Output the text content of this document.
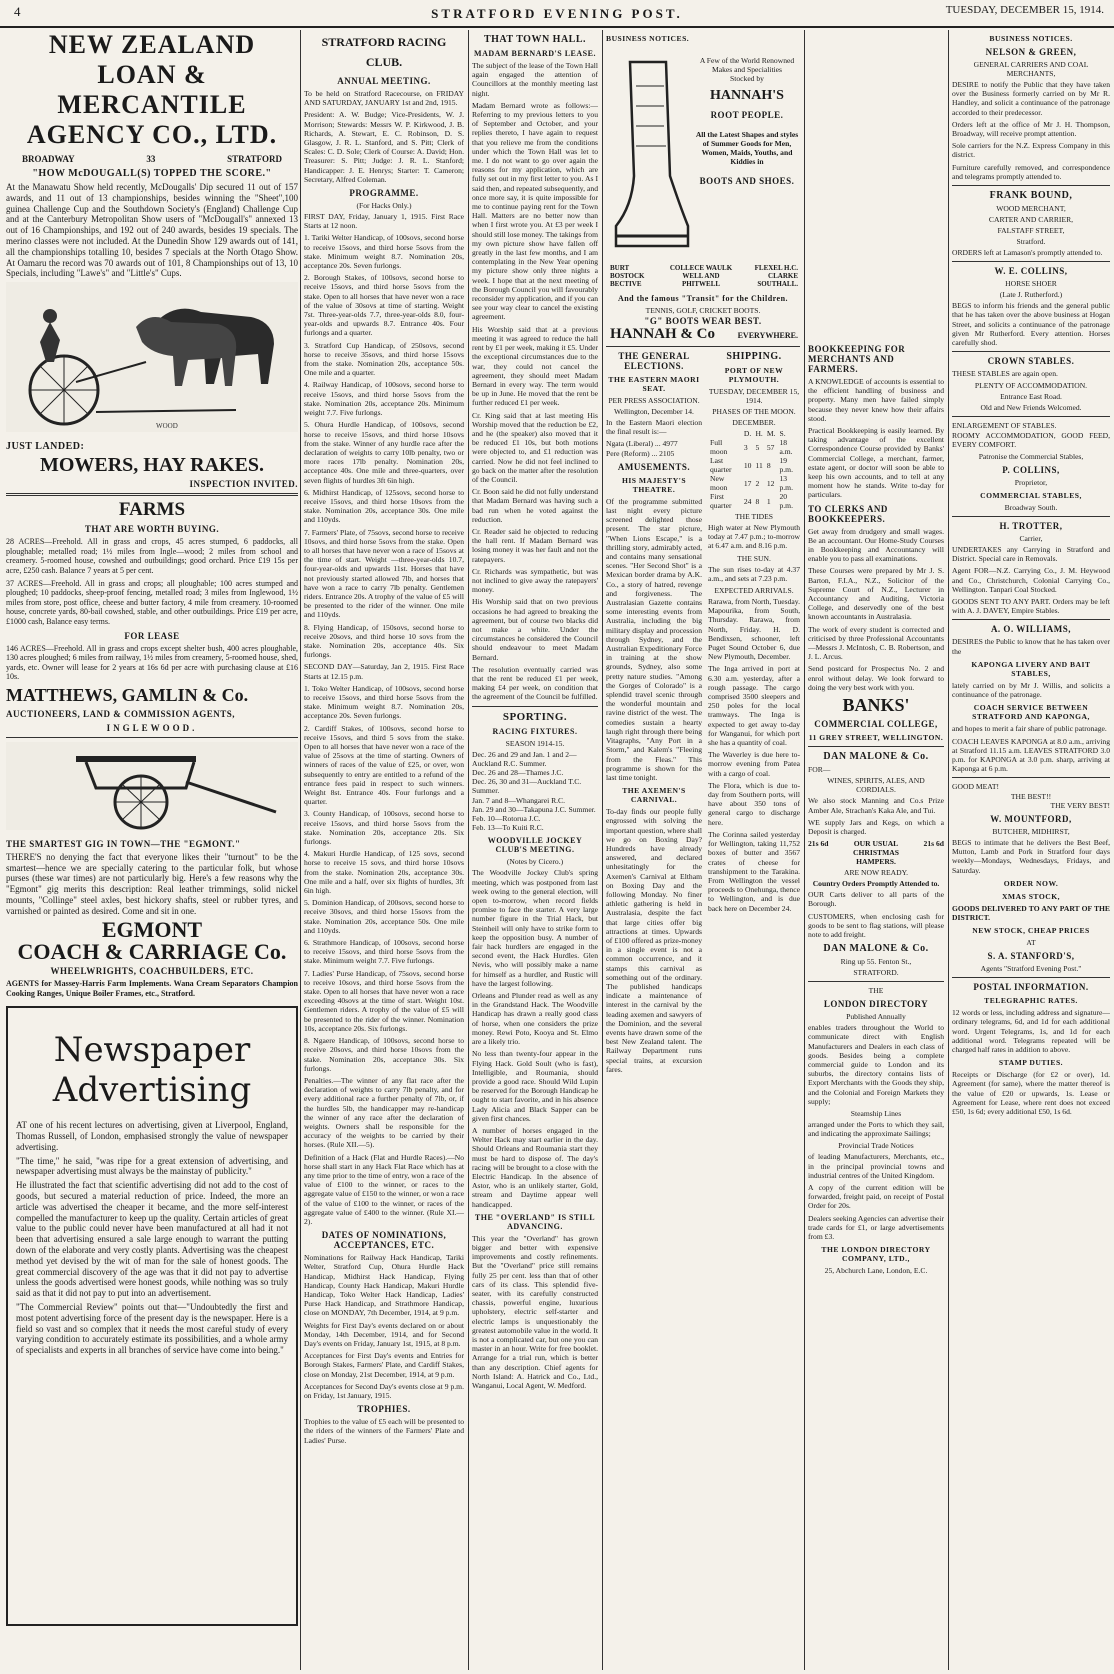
4	STRATFORD EVENING POST.	TUESDAY, DECEMBER 15, 1914.
NEW ZEALAND
LOAN & MERCANTILE
AGENCY CO., LTD.
BROADWAY	33	STRATFORD
"HOW McDOUGALL(S) TOPPED THE SCORE."

At the Manawatu Show held recently, McDougalls' Dip secured 11 out of 157 awards, and 11 out of 13 championships, besides winning the "Sheet",100 guinea Challenge Cup and the Southdown Society's (England) Challenge Cup and at the Canterbury Metropolitan Show users of "McDougall's" annexed 13 out of 16 Championships, and 192 out of 240 awards, besides 19 specials. The merino classes were not included. At the Dunedin Show 129 awards out of 141, all the championships totalling 10, besides 7 specials at the North Otago Show. At Oamaru the record was 70 awards out of 101, 8 Championships out of 13, 10 Specials, including "Lawe's" and "Little's" Cups.

WOOD
JUST LANDED:
MOWERS, HAY RAKES.
INSPECTION INVITED.
FARMS
THAT ARE WORTH BUYING.

28 ACRES—Freehold. All in grass and crops, 45 acres stumped, 6 paddocks, all ploughable; metalled road; 1½ miles from Ingle—wood; 2 miles from school and creamery. 5-roomed house, cowshed and outbuildings; good orchard. Price £19 15s per acre, £250 cash. Balance 7 years at 5 per cent.

37 ACRES—Freehold. All in grass and crops; all ploughable; 100 acres stumped and ploughed; 10 paddocks, sheep-proof fencing, metalled road; 3 miles from Inglewood, 1½ miles from store, post office, cheese and butter factory, 4 mile from creamery. 10-roomed house, concrete yards, 80-bail cowshed, stable, and other outbuildings. Price £19 per acre, £1000 cash, Balance easy terms.

FOR LEASE

146 ACRES—Freehold. All in grass and crops except shelter bush, 400 acres ploughable, 130 acres ploughed; 6 miles from railway, 1½ miles from creamery, 5-roomed house, shed, yards, etc. Owner will lease for 2 years at 16s 6d per acre with purchasing clause at £16 10s.

MATTHEWS, GAMLIN & Co.
AUCTIONEERS, LAND & COMMISSION AGENTS,
INGLEWOOD.
THE SMARTEST GIG IN TOWN—THE "EGMONT."

THERE'S no denying the fact that everyone likes their "turnout" to be the smartest—hence we are specially catering to the particular folk, but whose purses (these war times) are not particularly big. Here's a few reasons why the "Egmont" gig merits this description: Real leather trimmings, solid nickel mounts, "Collinge" steel axles, best hickory shafts, steel or rubber tyres, and varnished or painted as desired. Come and sit in one.

EGMONT
COACH & CARRIAGE Co.
WHEELWRIGHTS, COACHBUILDERS, ETC.

AGENTS for Massey-Harris Farm Implements. Wana Cream Separators Champion Cooking Ranges, Unique Boiler Frames, etc., Stratford.

Newspaper
Advertising

AT one of his recent lectures on advertising, given at Liverpool, England, Thomas Russell, of London, emphasised strongly the value of newspaper advertising.

"The time," he said, "was ripe for a great extension of advertising, and newspaper advertising must always be the mainstay of publicity."

He illustrated the fact that scientific advertising did not add to the cost of goods, but secured a material reduction of price. Indeed, the more an article was advertised the cheaper it became, and the more self-interest compelled the manufacturer to keep up the quality. Certain articles of great value to the public could never have been manufactured at all had it not been that advertising ensured a sale large enough to warrant the putting down of the elaborate and very costly plants. Advertising was the cheapest method yet devised by the wit of man for the sale of honest goods. The great commercial discovery of the age was that it did not pay to advertise unless the goods advertised were honest goods, while nothing was so truly said as that it did not pay to put into an advertisement.

"The Commercial Review" points out that—"Undoubtedly the first and most potent advertising force of the present day is the newspaper. Here is a field so vast and so complex that it needs the most careful study of every varying condition to accurately estimate its possibilities, and a whole army of specialists and experts in all branches of service have come into being."

STRATFORD RACING CLUB.
ANNUAL MEETING.

To be held on Stratford Racecourse, on FRIDAY AND SATURDAY, JANUARY 1st and 2nd, 1915.

President: A. W. Budge; Vice-Presidents, W. J. Morrison; Stewards: Messrs W. P. Kirkwood, J. B. Richards, A. Stewart, E. C. Robinson, D. S. Glasgow, J. R. L. Stanford, and S. Pitt; Clerk of Scales: C. D. Sole; Clerk of Course: A. David; Hon. Treasurer: S. Pitt; Judge: J. R. L. Stanford; Handicapper: J. E. Henrys; Starter: T. Cameron; Secretary, Alfred Coleman.

PROGRAMME.
(For Hacks Only.)

FIRST DAY, Friday, January 1, 1915. First Race Starts at 12 noon.

1. Tariki Welter Handicap, of 100sovs, second horse to receive 15sovs, and third horse 5sovs from the stake. Minimum weight 8.7. Nomination 20s, acceptance 20s. Seven furlongs.

2. Borough Stakes, of 100sovs, second horse to receive 15sovs, and third horse 5sovs from the stake. Open to all horses that have never won a race of the value of 30sovs at time of starting. Weight 7st. Three-year-olds 7.7, three-year-olds 8.0, four-year-olds and upwards 8.7. Entrance 40s. Four furlongs and a quarter.

3. Stratford Cup Handicap, of 250sovs, second horse to receive 35sovs, and third horse 15sovs from the stake. Nomination 20s, acceptance 50s. One mile and a quarter.

4. Railway Handicap, of 100sovs, second horse to receive 15sovs, and third horse 5sovs from the stake. Nomination 20s, acceptance 20s. Minimum weight 7.7. Five furlongs.

5. Ohura Hurdle Handicap, of 100sovs, second horse to receive 15sovs, and third horse 10sovs from the stake. Winner of any hurdle race after the declaration of weights to carry 10lb penalty, two or more races 17lb penalty. Nomination 20s, acceptance 40s. One mile and three-quarters, over seven flights of hurdles 3ft 6in high.

6. Midhirst Handicap, of 125sovs, second horse to receive 15sovs, and third horse 10sovs from the stake. Nomination 20s, acceptance 30s. One mile and 110yds.

7. Farmers' Plate, of 75sovs, second horse to receive 10sovs, and third horse 5sovs from the stake. Open to all horses that have never won a race of 15sovs at the time of start. Weight —three-year-olds 10.7, four-year-olds and upwards 11st. Horses that have not previously started allowed 7lb, and horses that have won a race to carry 7lb penalty. Gentlemen riders. Entrance 20s. A trophy of the value of £5 will be presented to the rider of the winner. One mile and 110yds.

8. Flying Handicap, of 150sovs, second horse to receive 20sovs, and third horse 10 sovs from the stake. Nomination 20s, acceptance 40s. Six furlongs.

SECOND DAY—Saturday, Jan 2, 1915. First Race Starts at 12.15 p.m.

1. Toko Welter Handicap, of 100sovs, second horse to receive 15sovs, and third horse 5sovs from the stake. Minimum weight 8.7. Nomination 20s, acceptance 20s. Seven furlongs.

2. Cardiff Stakes, of 100sovs, second horse to receive 15sovs, and third 5 sovs from the stake. Open to all horses that have never won a race of the value of 25sovs at the time of starting. Owners of winners of races of the value of £25, or over, won subsequently to entry are entitled to a refund of the entrance fees paid in respect to such winners. Weight 8st. Entrance 40s. Four furlongs and a quarter.

3. County Handicap, of 100sovs, second horse to receive 15sovs, and third horse 5sovs from the stake. Nomination 20s, acceptance 20s. Six furlongs.

4. Makuri Hurdle Handicap, of 125 sovs, second horse to receive 15 sovs, and third horse 10sovs from the stake. Nomination 20s, acceptance 30s. One mile and a half, over six flights of hurdles, 3ft 6in high.

5. Dominion Handicap, of 200sovs, second horse to receive 30sovs, and third horse 15sovs from the stake. Nomination 20s, acceptance 50s. One mile and 110yds.

6. Strathmore Handicap, of 100sovs, second horse to receive 15sovs, and third horse 5sovs from the stake. Minimum weight 7.7. Five furlongs.

7. Ladies' Purse Handicap, of 75sovs, second horse to receive 10sovs, and third horse 5sovs from the stake. Open to all horses that have never won a race exceeding 40sovs at the time of start. Weight 10st. Gentlemen riders. A trophy of the value of £5 will be presented to the rider of the winner. Nomination 10s, acceptance 20s. Six furlongs.

8. Ngaere Handicap, of 100sovs, second horse to receive 20sovs, and third horse 10sovs from the stake. Nomination 20s, acceptance 30s. Six furlongs.

Penalties.—The winner of any flat race after the declaration of weights to carry 7lb penalty, and for every additional race a further penalty of 7lb, or, if the hurdles 5lb, the handicapper may re-handicap the winner of any race after the declaration of weights. Owners shall be responsible for the accuracy of the weights to be carried by their horses. (Rule XII.—5).

Definition of a Hack (Flat and Hurdle Races).—No horse shall start in any Hack Flat Race which has at any time prior to the time of entry, won a race of the value of £100 to the winner, or races to the aggregate value of £150 to the winner, or won a race of the value of £100 to the winner, or races of the aggregate value of £400 to the winner. (Rule XI.—2).

DATES OF NOMINATIONS, ACCEPTANCES, ETC.

Nominations for Railway Hack Handicap, Tariki Welter, Stratford Cup, Ohura Hurdle Hack Handicap, Midhirst Hack Handicap, Flying Handicap, County Hack Handicap, Makuri Hurdle Handicap, Toko Welter Hack Handicap, Ladies' Purse Hack Handicap, and Strathmore Handicap, close on MONDAY, 7th December, 1914, at 9 p.m.

Weights for First Day's events declared on or about Monday, 14th December, 1914, and for Second Day's events on Friday, January 1st, 1915, at 8 p.m.

Acceptances for First Day's events and Entries for Borough Stakes, Farmers' Plate, and Cardiff Stakes, close on Monday, 21st December, 1914, at 9 p.m.

Acceptances for Second Day's events close at 9 p.m. on Friday, 1st January, 1915.

TROPHIES.

Trophies to the value of £5 each will be presented to the riders of the winners of the Farmers' Plate and Ladies' Purse.

THAT TOWN HALL.
MADAM BERNARD'S LEASE.

The subject of the lease of the Town Hall again engaged the attention of Councillors at the monthly meeting last night.

Madam Bernard wrote as follows:—Referring to my previous letters to you of September and October, and your replies thereto, I have again to request that you relieve me from the conditions under which the Town Hall was let to me. I do not want to go over again the reasons for my application, which are fully set out in my first letter to you. As I said then, and repeated subsequently, and once more say, it is quite impossible for me to continue paying rent for the Town Hall. Matters are no better now than when I first wrote you. At £3 per week I should still lose money. The takings from my own picture show have fallen off greatly in the last few months, and I am contemplating in the New Year opening my picture show only three nights a week. I hope that at the next meeting of the Borough Council you will favourably reconsider my application, and if you can see your way clear to cancel the existing agreement.

His Worship said that at a previous meeting it was agreed to reduce the hall rent by £1 per week, making it £5. Under the exceptional circumstances due to the war, they could not cancel the agreement, they should meet Madam Bernard in every way. The term would be up in June. He moved that the rent be further reduced £1 per week.

Cr. King said that at last meeting His Worship moved that the reduction be £2, and he (the speaker) also moved that it be reduced £1 10s, but both motions were objected to, and £1 reduction was carried. Now he did not feel inclined to go back on the matter after the resolution of the Council.

Cr. Boon said he did not fully understand that Madam Bernard was having such a bad run when he voted against the reduction.

Cr. Reader said he objected to reducing the hall rent. If Madam Bernard was losing money it was her fault and not the ratepayers.

Cr. Richards was sympathetic, but was not inclined to give away the ratepayers' money.

His Worship said that on two previous occasions he had agreed to breaking the agreement, but of course two blacks did not make a white. Under the circumstances he considered the Council should endeavour to meet Madam Bernard.

The resolution eventually carried was that the rent be reduced £1 per week, making £4 per week, on condition that the agreement of the Council be fulfilled.

SPORTING.
RACING FIXTURES.
SEASON 1914-15.
Dec. 26 and 29 and Jan. 1 and 2—Auckland R.C. Summer.
Dec. 26 and 28—Thames J.C.
Dec. 26, 30 and 31—Auckland T.C. Summer.
Jan. 7 and 8—Whangarei R.C.
Jan. 29 and 30—Takapuna J.C. Summer.
Feb. 10—Rotorua J.C.
Feb. 13—To Kuiti R.C.
WOODVILLE JOCKEY CLUB'S MEETING.
(Notes by Cicero.)

The Woodville Jockey Club's spring meeting, which was postponed from last week owing to the general election, will open to-morrow, when record fields promise to face the starter. A very large number figure in the Trial Hack, but Steinheil will only have to strike form to keep the opposition busy. A number of fair hack hurdlers are engaged in the second event, the Hack Hurdles. Glen Nevis, who will possibly make a name for himself as a hurdler, and Rustic will have the largest following.

Orleans and Plunder read as well as any in the Grandstand Hack. The Woodville Handicap has drawn a really good class of horse, when one considers the prize money. Rewi Poto, Kooya and St. Elmo are a likely trio.

No less than twenty-four appear in the Flying Hack. Gold Soult (who is fast), Intelligible, and Roumania, should provide a good race. Should Wild Lupin be reserved for the Borough Handicap he ought to start favorite, and in his absence Lady Alicia and Black Sapper can be given first chances.

A number of horses engaged in the Welter Hack may start earlier in the day. Should Orleans and Roumania start they must be hard to dispose of. The day's racing will be brought to a close with the Electric Handicap. In the absence of Astor, who is an unlikely starter, Gold, stream and Daytime appear well handicapped.

THE "OVERLAND" IS STILL ADVANCING.

This year the "Overland" has grown bigger and better with expensive improvements and costly refinements. But the "Overland" price still remains fully 25 per cent. less than that of other cars of its class. This splendid five-seater, with its carefully constructed chassis, powerful engine, luxurious upholstery, electric self-starter and electric lamps is unquestionably the greatest automobile value in the world. It is not a complicated car, but one you can master in an hour. Write for free booklet. Arrange for a trial run, which is better than any description. Chief agents for North Island: A. Hatrick and Co., Ltd., Wanganui, Local Agent, W. Medford.

BUSINESS NOTICES.
A Few of the World Renowned
Makes and Specialities
Stocked by
HANNAH'S
ROOT PEOPLE.
All the Latest Shapes and styles of Summer Goods for Men, Women, Maids, Youths, and Kiddies in
BOOTS AND SHOES.
BURT BOSTOCK BECTIVE
COLLECE WAULK WELL AND PHITWELL
FLEXEL H.C. CLARKE SOUTHALL.
And the famous "Transit" for the Children.
TENNIS, GOLF, CRICKET BOOTS.
"G" BOOTS WEAR BEST.
HANNAH & Co	EVERYWHERE.
THE GENERAL ELECTIONS.
THE EASTERN MAORI SEAT.
PER PRESS ASSOCIATION.
Wellington, December 14.

In the Eastern Maori election the final result is:—

Ngata (Liberal) ... 4977
Pere (Reform) ... 2105
AMUSEMENTS.
HIS MAJESTY'S THEATRE.

Of the programme submitted last night every picture screened delighted those present. The star picture, "When Lions Escape," is a thrilling story, admirably acted, and contains many sensational scenes. "Her Second Shot" is a Mexican border drama by A.K. Co., a story of hatred, revenge and forgiveness. The Australasian Gazette contains some interesting events from Australia, including the big military display and procession through Sydney, and the Australian Expeditionary Force in training at the show grounds, Sydney, also some pretty nature studies. "Among the Gorges of Colorado" is a splendid travel scenic through the wonderful mountain and ravine district of the west. The comedies sustain a hearty laugh right through there being Vitagraphs, "Any Port in a Storm," and Kalem's "Fleeing from the Fleas." This programme is shown for the last time tonight.

THE AXEMEN'S CARNIVAL.

To-day finds our people fully engrossed with solving the important question, where shall we go on Boxing Day? Hundreds have already answered, and declared unhesitatingly for the Axemen's Carnival at Eltham on Boxing Day and the following Monday. No finer athletic gathering is held in Australasia, despite the fact that large cities offer big attractions at times. Upwards of £100 offered as prize-money in a single event is not a common occurrence, and it stamps this carnival as something out of the ordinary. The published handicaps indicate a maintenance of interest in the carnival by the leading axemen and sawyers of the Dominion, and the several events have drawn some of the best New Zealand talent. The Railway Department runs special trains, at excursion fares.

SHIPPING.
PORT OF NEW PLYMOUTH.
TUESDAY, DECEMBER 15, 1914.
PHASES OF THE MOON.
DECEMBER.
	D.	H.	M.	S.
Full moon	3	5	57	18 a.m.
Last quarter	10	11	8	19 p.m.
New moon	17	2	12	13 p.m.
First quarter	24	8	1	20 p.m.
THE TIDES

High water at New Plymouth today at 7.47 p.m.; to-morrow at 6.47 a.m. and 8.16 p.m.

THE SUN.

The sun rises to-day at 4.37 a.m., and sets at 7.23 p.m.

EXPECTED ARRIVALS.

Rarawa, from North, Tuesday. Mapourika, from South, Thursday. Rarawa, from North, Friday. H. D. Bendixsen, schooner, left Puget Sound October 6, due New Plymouth, December.

The Inga arrived in port at 6.30 a.m. yesterday, after a rough passage. The cargo comprised 3500 sleepers and 250 poles for the local tramways. The Inga is expected to get away to-day for Wanganui, for which port she has a quantity of coal.

The Waverley is due here to-morrow evening from Patea with a cargo of coal.

The Flora, which is due to-day from Southern ports, will have about 350 tons of general cargo to discharge here.

The Corinna sailed yesterday for Wellington, taking 11,752 boxes of butter and 3567 crates of cheese for transhipment to the Tarakina. From Wellington the vessel proceeds to Onehunga, thence to Wellington, and is due back here on December 24.

BOOKKEEPING FOR MERCHANTS AND FARMERS.

A KNOWLEDGE of accounts is essential to the efficient handling of business and property. Many men have failed simply because they never knew how their affairs stood.

Practical Bookkeeping is easily learned. By taking advantage of the excellent Correspondence Course provided by Banks' Commercial College, a merchant, farmer, estate agent, or doctor will soon be able to keep his own accounts, and to tell at any moment how he stands. Write to-day for particulars.

TO CLERKS AND BOOKKEEPERS.

Get away from drudgery and small wages. Be an accountant. Our Home-Study Courses in Bookkeeping and Accountancy will enable you to pass all examinations.

These Courses were prepared by Mr J. S. Barton, F.I.A., N.Z., Solicitor of the Supreme Court of N.Z., Lecturer in Accountancy and Auditing, Victoria College, and deservedly one of the best known accountants in Australasia.

The work of every student is corrected and criticised by three Professional Accountants—Messrs J. McIntosh, C. B. Robertson, and J. L. Arcus.

Send postcard for Prospectus No. 2 and enrol without delay. We look forward to doing the very best work with you.

BANKS'
COMMERCIAL COLLEGE,
11 GREY STREET, WELLINGTON.
DAN MALONE & Co.
FOR—
WINES, SPIRITS, ALES, AND CORDIALS.

We also stock Manning and Co.s Prize Amber Ale, Strachan's Kaka Ale, and Tui.

WE supply Jars and Kegs, on which a Deposit is charged.

21s 6d	OUR USUAL
CHRISTMAS
HAMPERS.
21s 6d
ARE NOW READY.
Country Orders Promptly Attended to.

OUR Carts deliver to all parts of the Borough.

CUSTOMERS, when enclosing cash for goods to be sent to flag stations, will please note to add freight.

DAN MALONE & Co.
Ring up 55. Fenton St.,
STRATFORD.
THE
LONDON DIRECTORY
Published Annually

enables traders throughout the World to communicate direct with English Manufacturers and Dealers in each class of goods. Besides being a complete commercial guide to London and its suburbs, the directory contains lists of Export Merchants with the Goods they ship, and the Colonial and Foreign Markets they supply;

Steamship Lines

arranged under the Ports to which they sail, and indicating the approximate Sailings;

Provincial Trade Notices

of leading Manufacturers, Merchants, etc., in the principal provincial towns and industrial centres of the United Kingdom.

A copy of the current edition will be forwarded, freight paid, on receipt of Postal Order for 20s.

Dealers seeking Agencies can advertise their trade cards for £1, or large advertisements from £3.

THE LONDON DIRECTORY COMPANY, LTD.,
25, Abchurch Lane, London, E.C.
BUSINESS NOTICES.
NELSON & GREEN,
GENERAL CARRIERS AND COAL MERCHANTS,

DESIRE to notify the Public that they have taken over the Business formerly carried on by Mr R. Handley, and solicit a continuance of the patronage accorded to their predecessor.

Orders left at the office of Mr J. H. Thompson, Broadway, will receive prompt attention.

Sole carriers for the N.Z. Express Company in this district.

Furniture carefully removed, and correspondence and telegrams promptly attended to.

FRANK BOUND,
WOOD MERCHANT,
CARTER AND CARRIER,
FALSTAFF STREET,
Stratford.

ORDERS left at Lamason's promptly attended to.

W. E. COLLINS,
HORSE SHOER
(Late J. Rutherford.)

BEGS to inform his friends and the general public that he has taken over the above business at Hogan Street, and solicits a continuance of the patronage given Mr Rutherford. Every attention. Horses carefully shod.

CROWN STABLES.

THESE STABLES are again open.

PLENTY OF ACCOMMODATION.
Entrance East Road.
Old and New Friends Welcomed.
ENLARGEMENT OF STABLES.

ROOMY ACCOMMODATION, GOOD FEED, EVERY COMFORT.

Patronise the Commercial Stables,
P. COLLINS,
Proprietor,
COMMERCIAL STABLES,
Broadway South.
H. TROTTER,
Carrier,

UNDERTAKES any Carrying in Stratford and District. Special care in Removals.

Agent FOR—N.Z. Carrying Co., J. M. Heywood and Co., Christchurch, Colonial Carrying Co., Wellington. Tanpari Coal Stocked.

GOODS SENT TO ANY PART. Orders may be left with A. J. DAVEY, Empire Stables.

A. O. WILLIAMS,

DESIRES the Public to know that he has taken over the

KAPONGA LIVERY AND BAIT STABLES,

lately carried on by Mr J. Willis, and solicits a continuance of the patronage.

COACH SERVICE BETWEEN STRATFORD AND KAPONGA,

and hopes to merit a fair share of public patronage.

COACH LEAVES KAPONGA at 8.0 a.m., arriving at Stratford 11.15 a.m. LEAVES STRATFORD 3.0 p.m. for KAPONGA at 3.0 p.m. sharp, arriving at Kaponga at 6 p.m.

GOOD MEAT!
THE BEST!!
THE VERY BEST!
W. MOUNTFORD,
BUTCHER, MIDHIRST,

BEGS to intimate that he delivers the Best Beef, Mutton, Lamb and Pork in Stratford four days weekly—Mondays, Wednesdays, Fridays, and Saturday.

ORDER NOW.
XMAS STOCK,

GOODS DELIVERED TO ANY PART OF THE DISTRICT.

NEW STOCK, CHEAP PRICES
AT
S. A. STANFORD'S,
Agents "Stratford Evening Post."
POSTAL INFORMATION.
TELEGRAPHIC RATES.

12 words or less, including address and signature—ordinary telegrams, 6d, and 1d for each additional word. Urgent Telegrams, 1s, and 1d for each additional word. Telegrams repeated will be charged half rates in addition to above.

STAMP DUTIES.

Receipts or Discharge (for £2 or over), 1d. Agreement (for same), where the matter thereof is the value of £20 or upwards, 1s. Lease or Agreement for Lease, where rent does not exceed £50, 1s 6d; every additional £50, 1s 6d.
